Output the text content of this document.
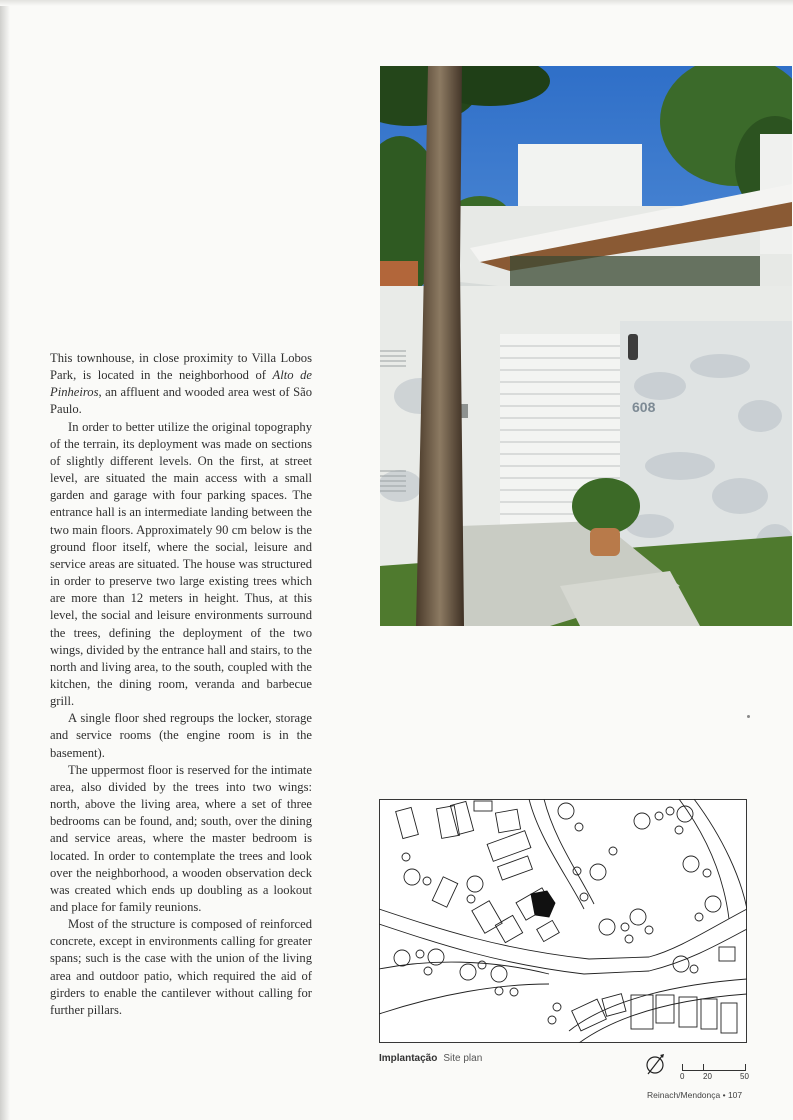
This townhouse, in close proximity to Villa Lobos Park, is located in the neighborhood of Alto de Pinheiros, an affluent and wooded area west of São Paulo.

In order to better utilize the original topography of the terrain, its deployment was made on sections of slightly different levels. On the first, at street level, are situated the main access with a small garden and garage with four parking spaces. The entrance hall is an intermediate landing between the two main floors. Approximately 90 cm below is the ground floor itself, where the social, leisure and service areas are situated. The house was structured in order to preserve two large existing trees which are more than 12 meters in height. Thus, at this level, the social and leisure environments surround the trees, defining the deployment of the two wings, divided by the entrance hall and stairs, to the north and living area, to the south, coupled with the kitchen, the dining room, veranda and barbecue grill.

A single floor shed regroups the locker, storage and service rooms (the engine room is in the basement).

The uppermost floor is reserved for the intimate area, also divided by the trees into two wings: north, above the living area, where a set of three bedrooms can be found, and; south, over the dining and service areas, where the master bedroom is located. In order to contemplate the trees and look over the neighborhood, a wooden observation deck was created which ends up doubling as a lookout and place for family reunions.

Most of the structure is composed of reinforced concrete, except in environments calling for greater spans; such is the case with the union of the living area and outdoor patio, which required the aid of girders to enable the cantilever without calling for further pillars.

608
Implantação Site plan
0 20	50
Reinach/Mendonça • 107
